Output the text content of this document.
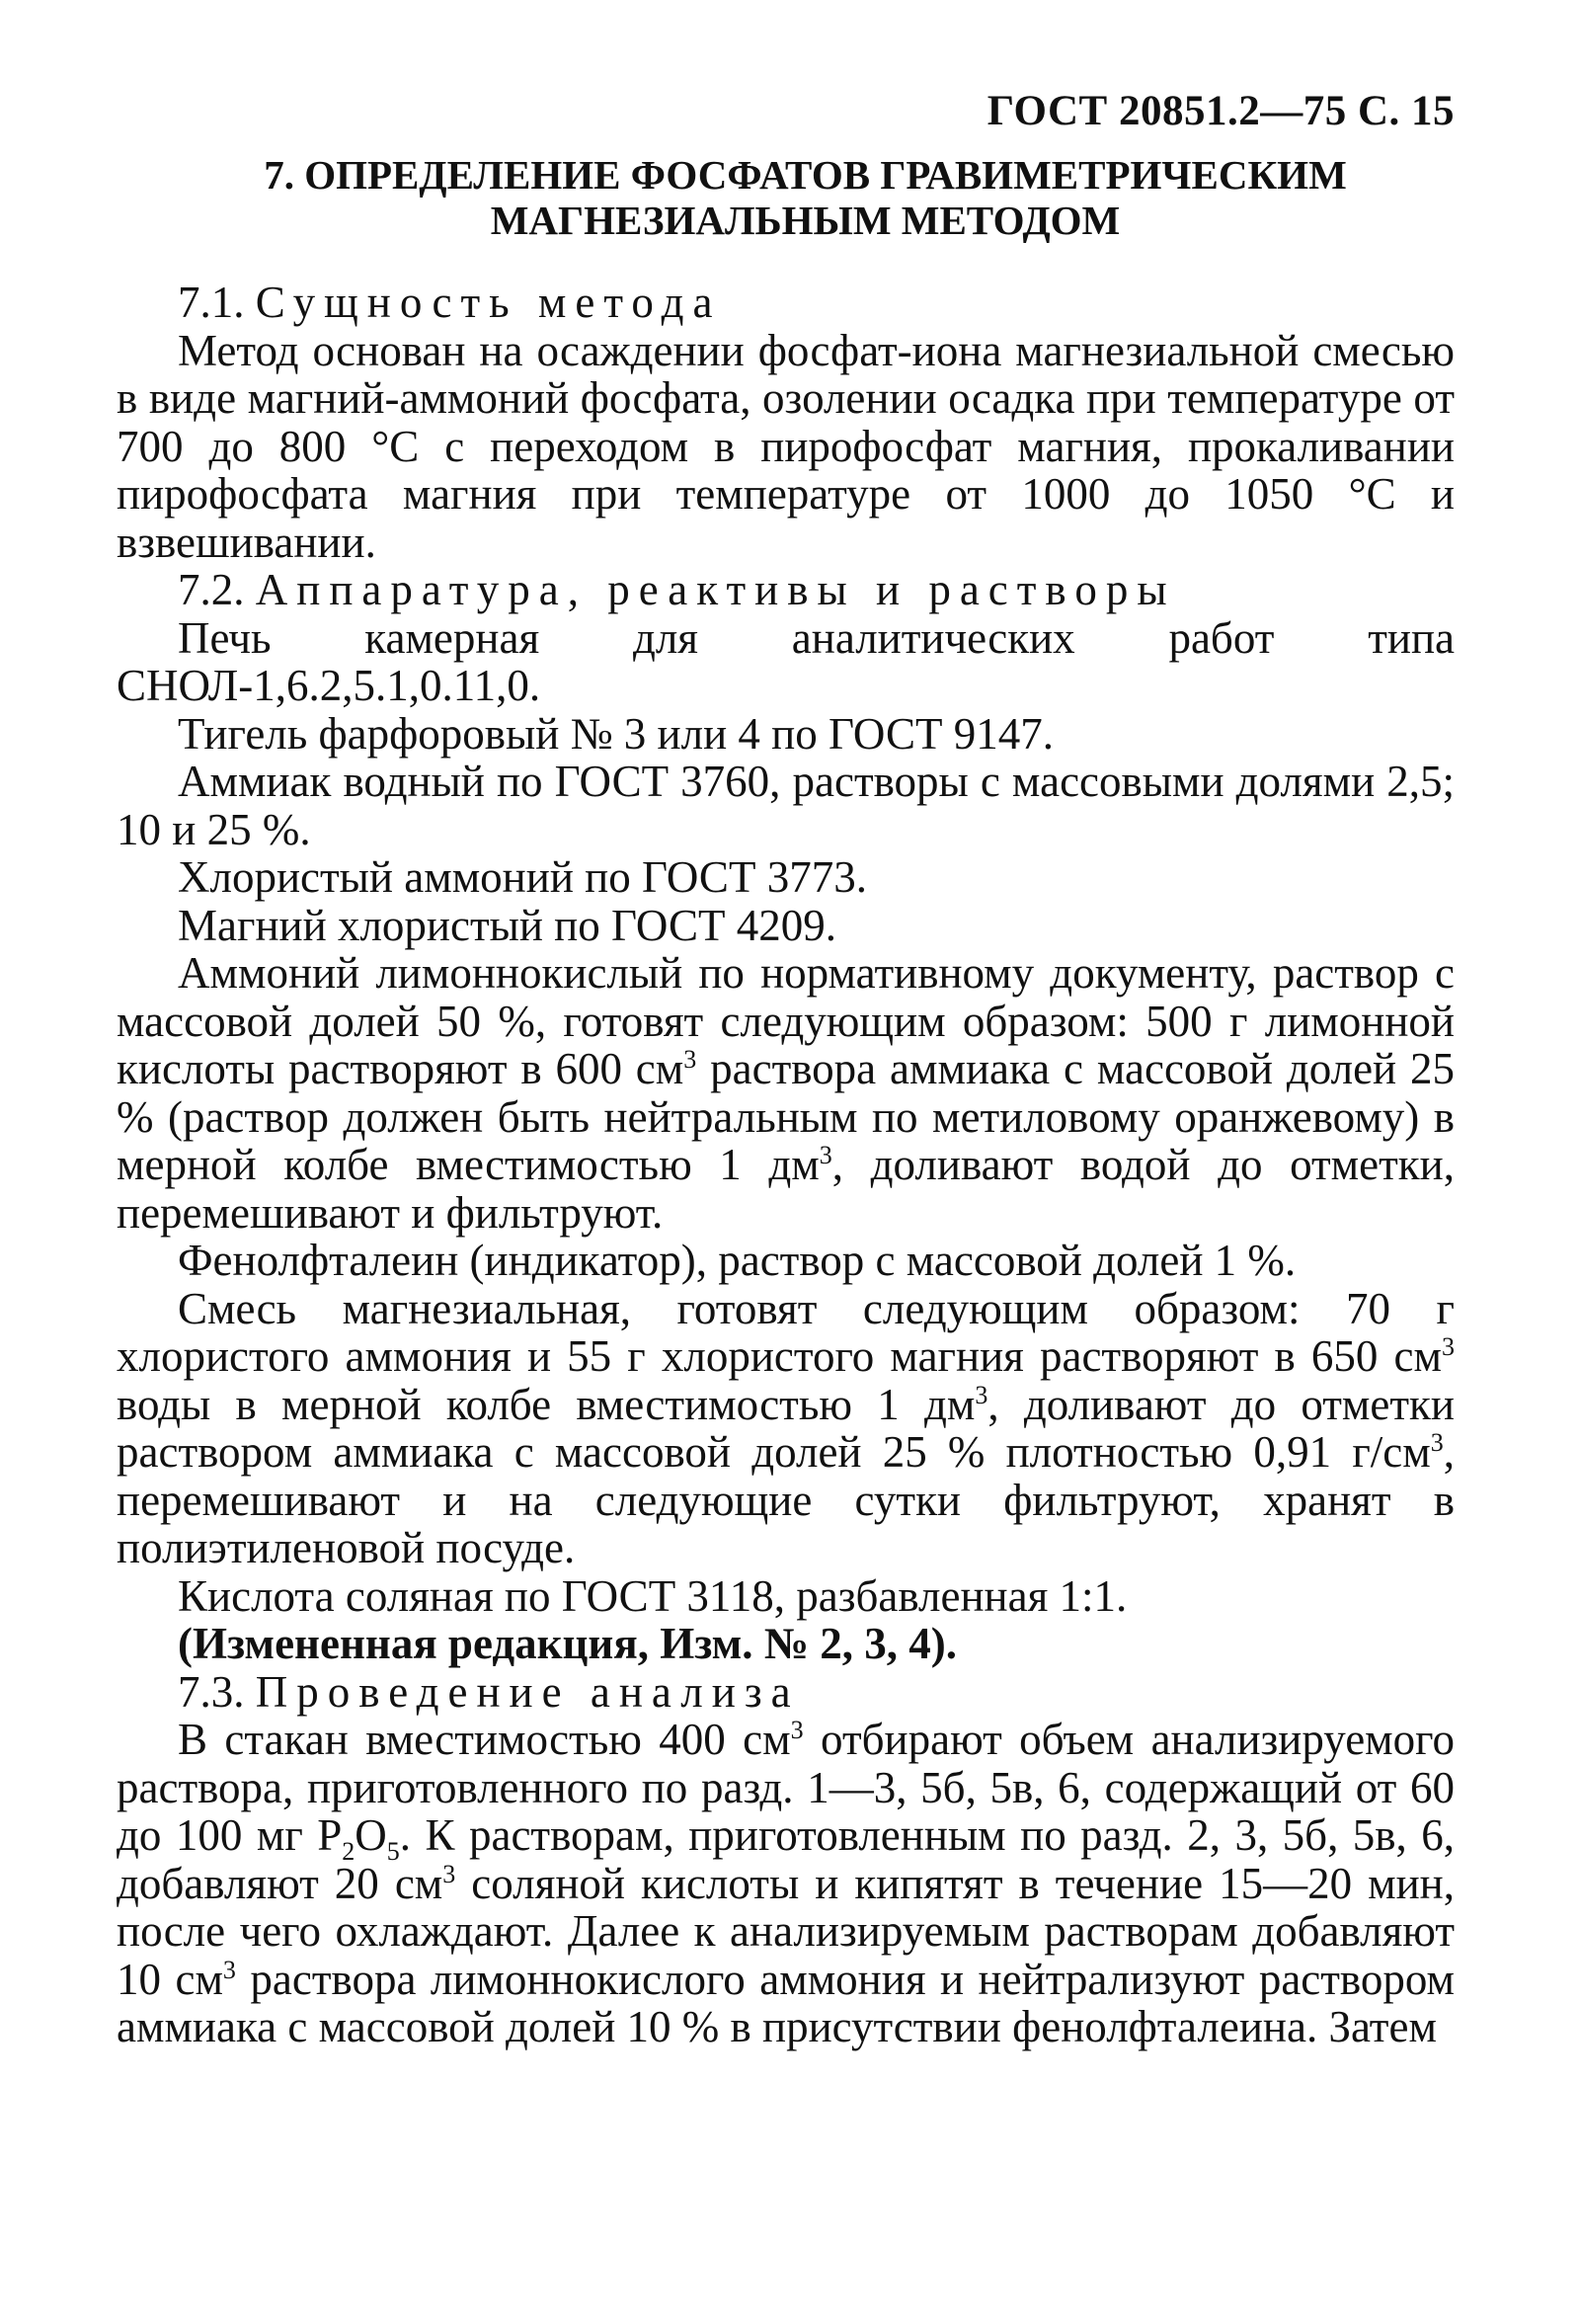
ГОСТ 20851.2—75 С. 15
7. ОПРЕДЕЛЕНИЕ ФОСФАТОВ ГРАВИМЕТРИЧЕСКИМ
МАГНЕЗИАЛЬНЫМ МЕТОДОМ

7.1. Сущность метода

Метод основан на осаждении фосфат-иона магнезиальной смесью в виде магний-аммоний фосфата, озолении осадка при температуре от 700 до 800 °С с переходом в пирофосфат магния, прокаливании пирофосфата магния при температуре от 1000 до 1050 °С и взвешивании.

7.2. Аппаратура, реактивы и растворы

Печь камерная для аналитических работ типа СНОЛ-1,6.2,5.1,0.11,0.

Тигель фарфоровый № 3 или 4 по ГОСТ 9147.

Аммиак водный по ГОСТ 3760, растворы с массовыми долями 2,5; 10 и 25 %.

Хлористый аммоний по ГОСТ 3773.

Магний хлористый по ГОСТ 4209.

Аммоний лимоннокислый по нормативному документу, раствор с массовой долей 50 %, готовят следующим образом: 500 г лимонной кислоты растворяют в 600 $см^3$ раствора аммиака с массовой долей 25 % (раствор должен быть нейтральным по метиловому оранжевому) в мерной колбе вместимостью 1 $дм^3$, доливают водой до отметки, перемешивают и фильтруют.

Фенолфталеин (индикатор), раствор с массовой долей 1 %.

Смесь магнезиальная, готовят следующим образом: 70 г хлористого аммония и 55 г хлористого магния растворяют в 650 $см^3$ воды в мерной колбе вместимостью 1 $дм^3$, доливают до отметки раствором аммиака с массовой долей 25 % плотностью 0,91 $г/см^3$, перемешивают и на следующие сутки фильтруют, хранят в полиэтиленовой посуде.

Кислота соляная по ГОСТ 3118, разбавленная 1:1.

(Измененная редакция, Изм. № 2, 3, 4).

7.3. Проведение анализа

В стакан вместимостью 400 $см^3$ отбирают объем анализируемого раствора, приготовленного по разд. 1—3, 5б, 5в, 6, содержащий от 60 до 100 мг $P_2O_5$. К растворам, приготовленным по разд. 2, 3, 5б, 5в, 6, добавляют 20 $см^3$ соляной кислоты и кипятят в течение 15—20 мин, после чего охлаждают. Далее к анализируемым растворам добавляют 10 $см^3$ раствора лимоннокислого аммония и нейтрализуют раствором аммиака с массовой долей 10 % в присутствии фенолфталеина. Затем
